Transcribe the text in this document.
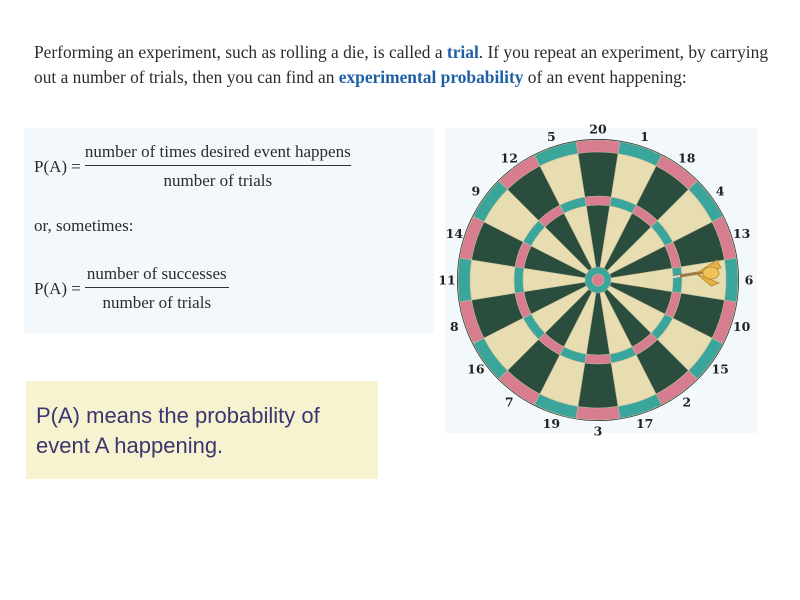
Performing an experiment, such as rolling a die, is called a trial. If you repeat an experiment, by carrying out a number of trials, then you can find an experimental probability of an event happening:

$P(A) = \frac{\text{number of times desired event happens}}{\text{number of trials}}$
or, sometimes:
$P(A) = \frac{\text{number of successes}}{\text{number of trials}}$

P(A) means the probability of event A happening.

20	1
18
4
13
6
10
15
2
17
3
19
7
16
8
11
14
9
12
5
